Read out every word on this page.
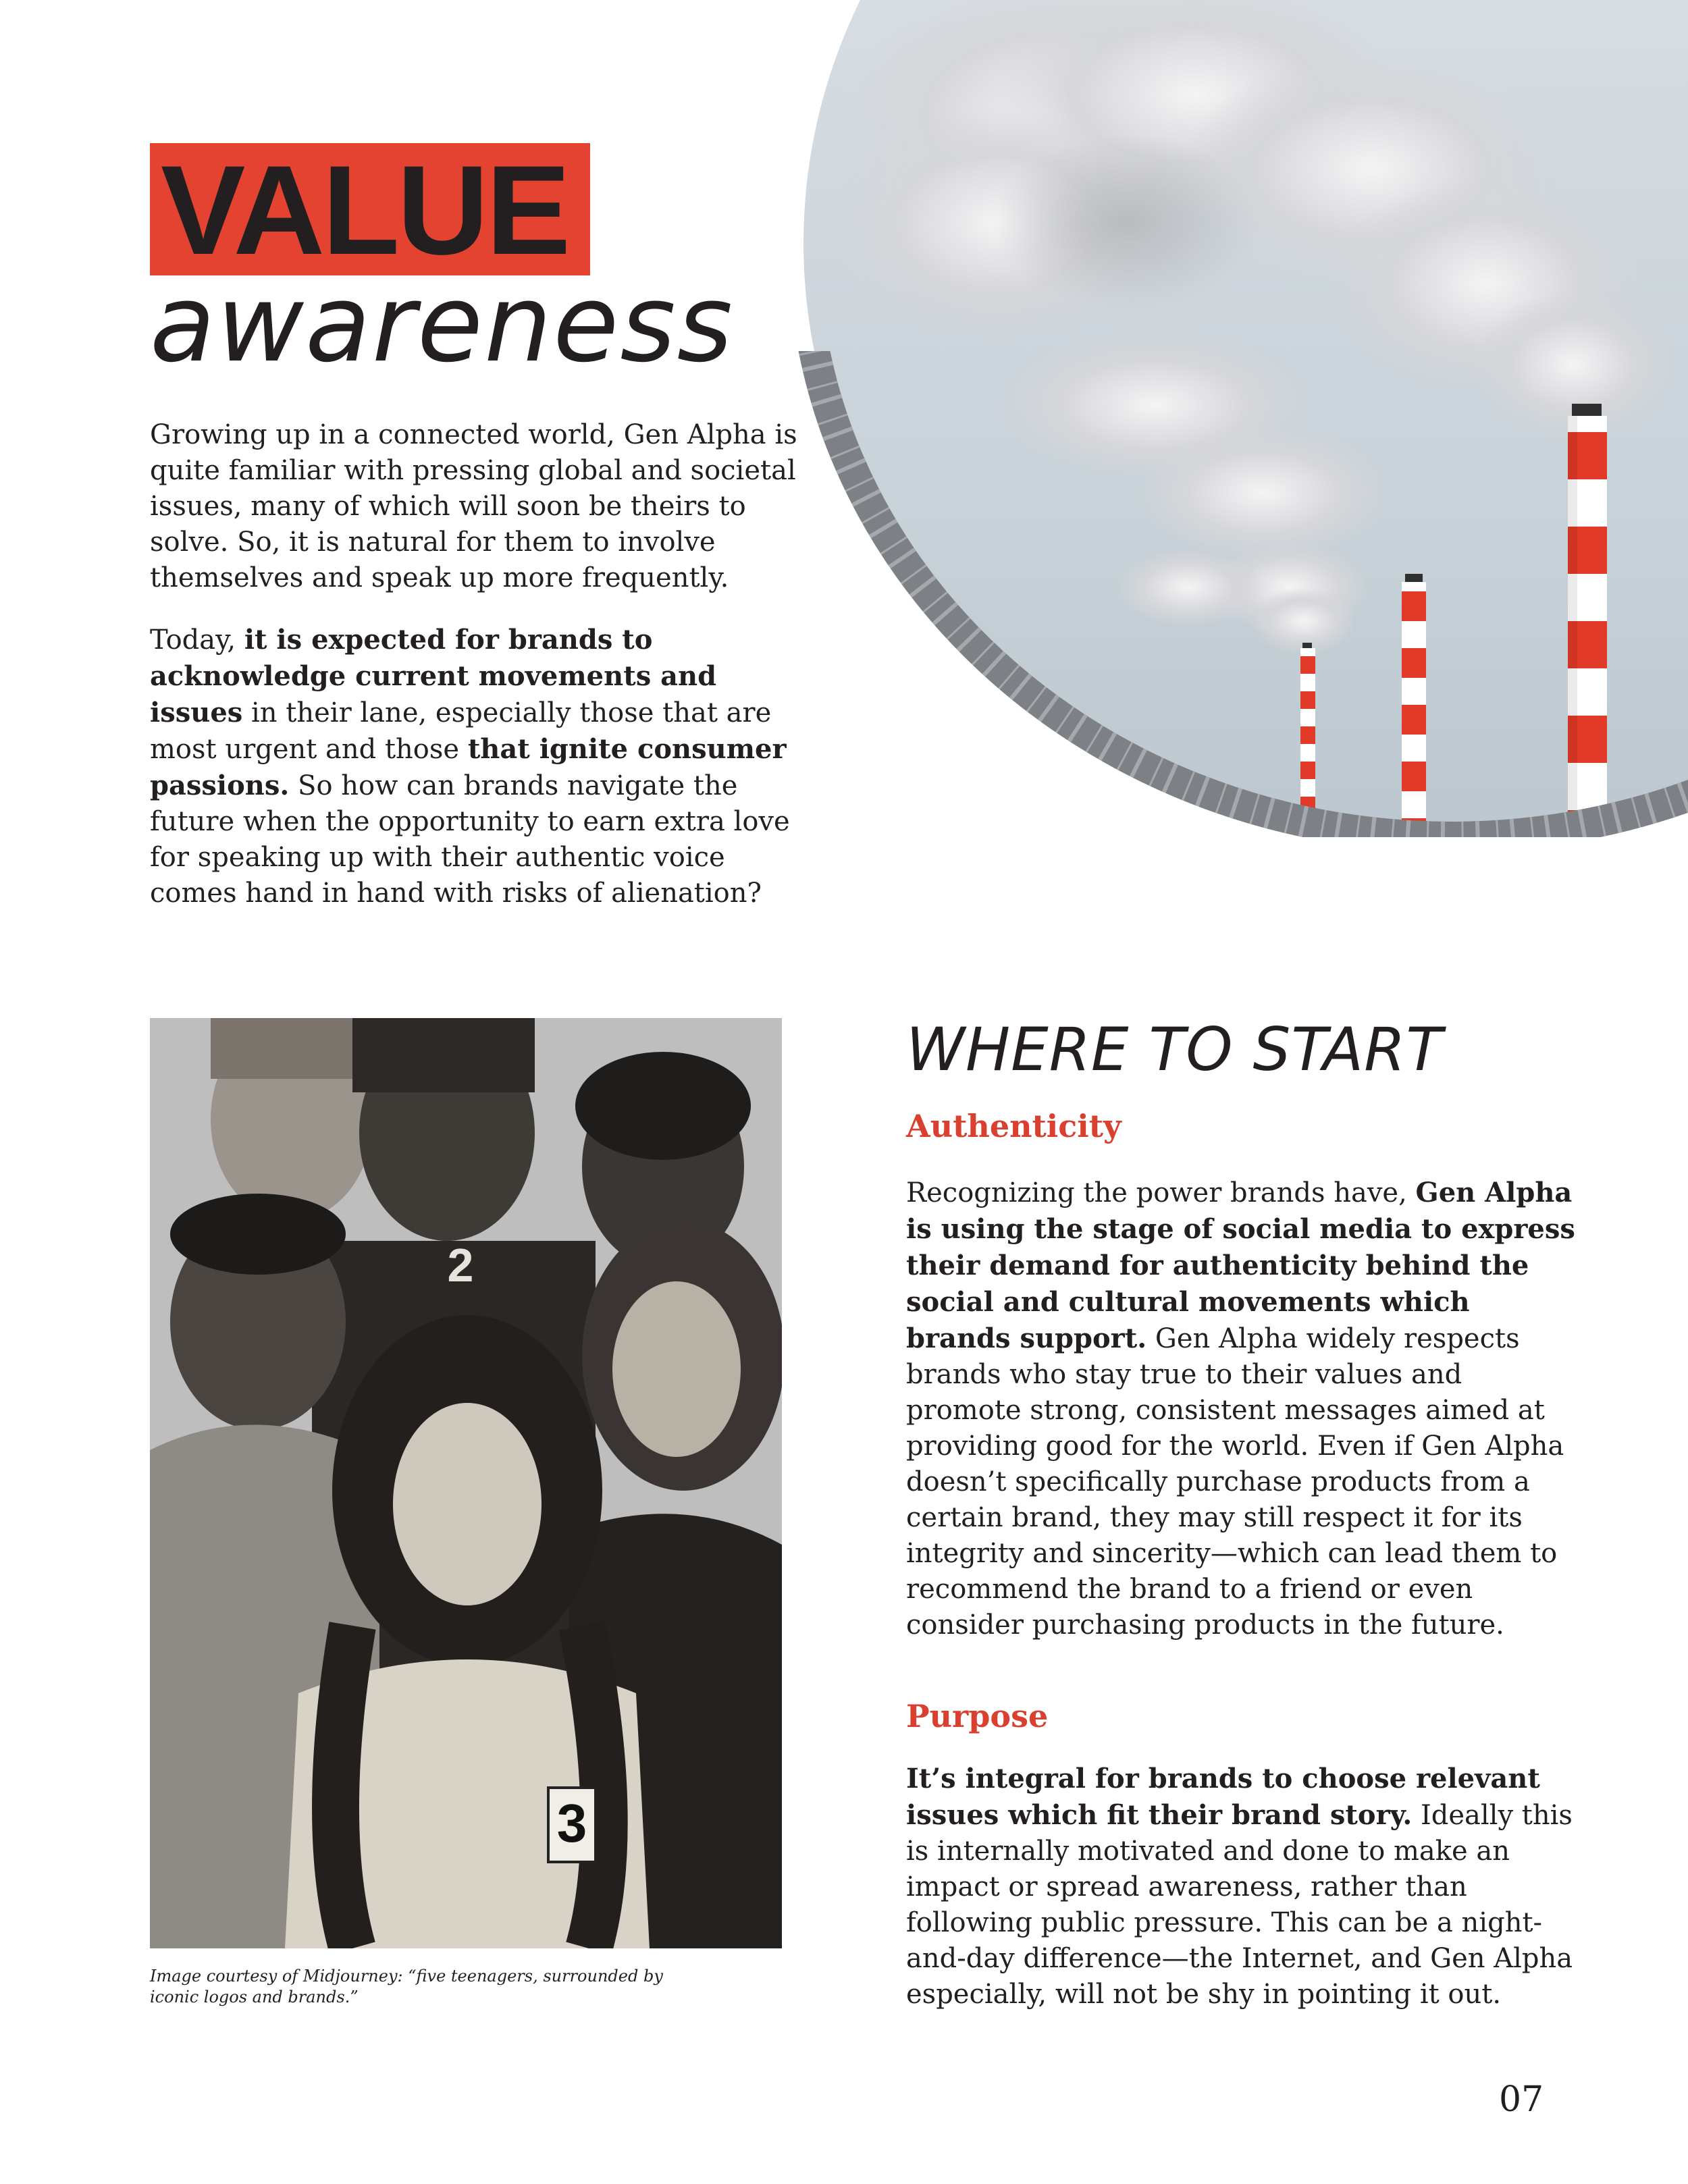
VALUE
awareness

Growing up in a connected world, Gen Alpha is quite familiar with pressing global and societal issues, many of which will soon be theirs to solve. So, it is natural for them to involve themselves and speak up more frequently.

Today, it is expected for brands to acknowledge current movements and issues in their lane, especially those that are most urgent and those that ignite consumer passions. So how can brands navigate the future when the opportunity to earn extra love for speaking up with their authentic voice comes hand in hand with risks of alienation?

3
2
Image courtesy of Midjourney: “five teenagers, surrounded by iconic logos and brands.”
WHERE TO START
Authenticity

Recognizing the power brands have, Gen Alpha is using the stage of social media to express their demand for authenticity behind the social and cultural movements which brands support. Gen Alpha widely respects brands who stay true to their values and promote strong, consistent messages aimed at providing good for the world. Even if Gen Alpha doesn’t specifically purchase products from a certain brand, they may still respect it for its integrity and sincerity—which can lead them to recommend the brand to a friend or even consider purchasing products in the future.

Purpose

It’s integral for brands to choose relevant issues which fit their brand story. Ideally this is internally motivated and done to make an impact or spread awareness, rather than following public pressure. This can be a night-and-day difference—the Internet, and Gen Alpha especially, will not be shy in pointing it out.

07
